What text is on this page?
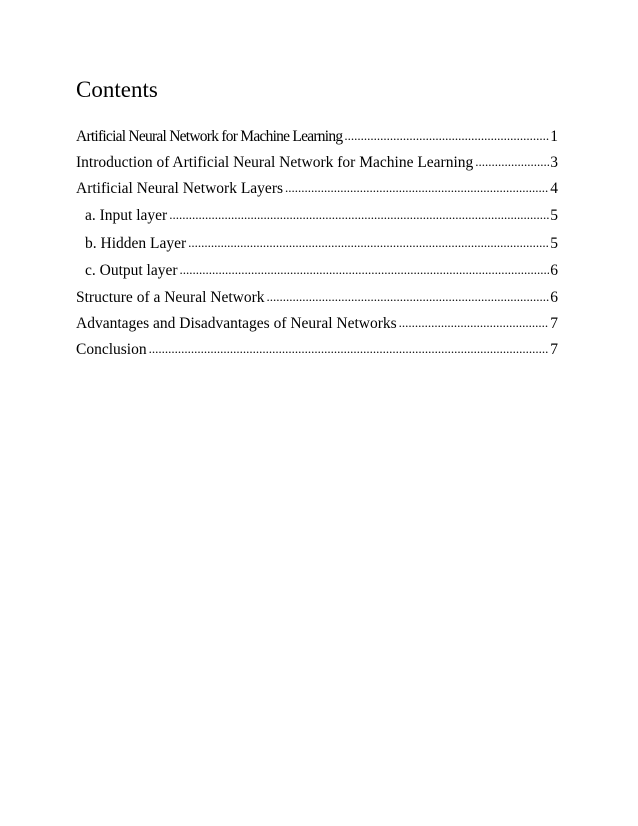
Contents
Artificial Neural Network for Machine Learning .....	1
Introduction of Artificial Neural Network for Machine Learning .....	3
Artificial Neural Network Layers .....	4
a. Input layer .....	5
b. Hidden Layer .....	5
c. Output layer .....	6
Structure of a Neural Network .....	6
Advantages and Disadvantages of Neural Networks .....	7
Conclusion .....	7
